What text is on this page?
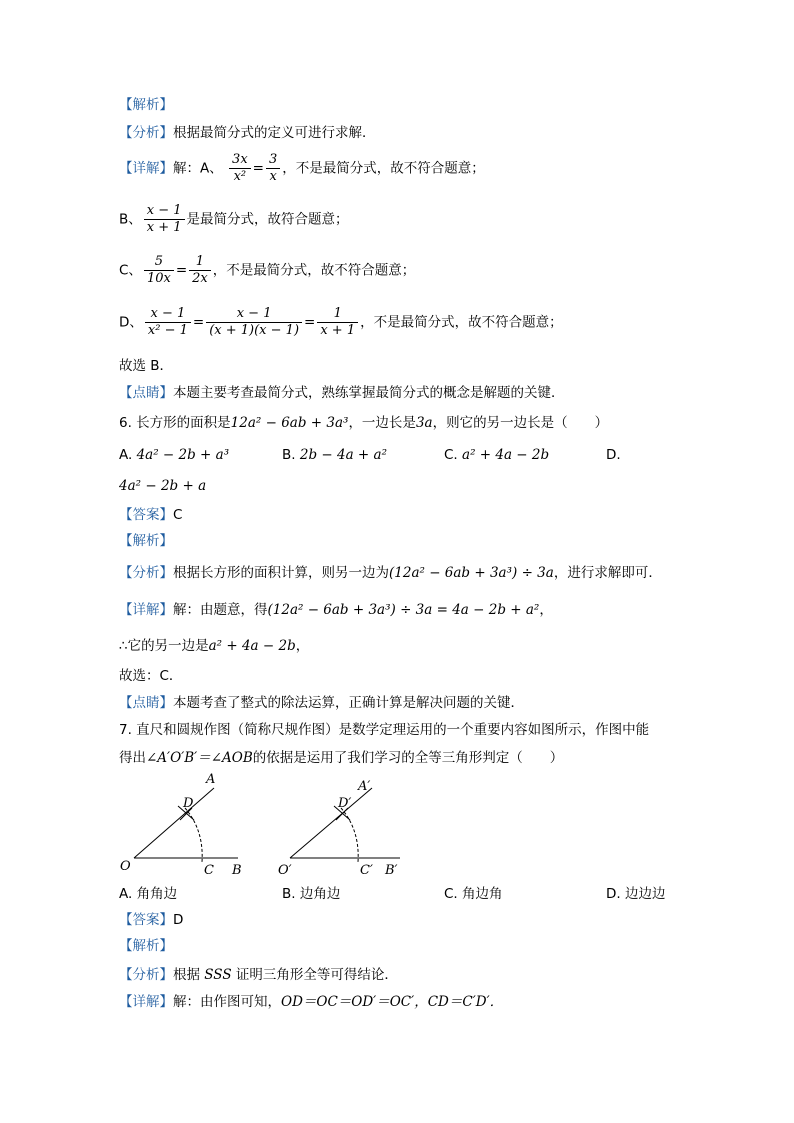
【解析】
【分析】根据最简分式的定义可进行求解．
【详解】解：A、 $\frac{3x}{\text{x²}} = \frac{3}{x}$ ，不是最简分式，故不符合题意；
B、 $\frac{x - 1}{x + 1}$ 是最简分式，故符合题意；
C、 $\frac{5}{10x} = \frac{1}{2x}$ ，不是最简分式，故不符合题意；
D、 $\frac{x - 1}{\text{x² − 1}} = \frac{x - 1}{(x + 1)(x - 1)} = \frac{1}{x + 1}$ ，不是最简分式，故不符合题意；
故选 B．
【点睛】本题主要考查最简分式，熟练掌握最简分式的概念是解题的关键．
6. 长方形的面积是12a² − 6ab + 3a³，一边长是3a，则它的另一边长是（　　）
A. 4a² − 2b + a³	B. 2b − 4a + a²	C. a² + 4a − 2b	D.
4a² − 2b + a
【答案】C
【解析】
【分析】根据长方形的面积计算，则另一边为(12a² − 6ab + 3a³) ÷ 3a，进行求解即可．
【详解】解：由题意，得(12a² − 6ab + 3a³) ÷ 3a = 4a − 2b + a²，
∴它的另一边是a² + 4a − 2b，
故选：C．
【点睛】本题考查了整式的除法运算，正确计算是解决问题的关键．
7. 直尺和圆规作图（简称尺规作图）是数学定理运用的一个重要内容如图所示，作图中能
得出∠A′O′B′＝∠AOB的依据是运用了我们学习的全等三角形判定（　　）
A
D
O	C B
A′
D′
O′	C′ B′
A. 角角边	B. 边角边	C. 角边角	D. 边边边
【答案】D
【解析】
【分析】根据 SSS 证明三角形全等可得结论．
【详解】解：由作图可知，OD＝OC＝OD′＝OC′，CD＝C′D′．
